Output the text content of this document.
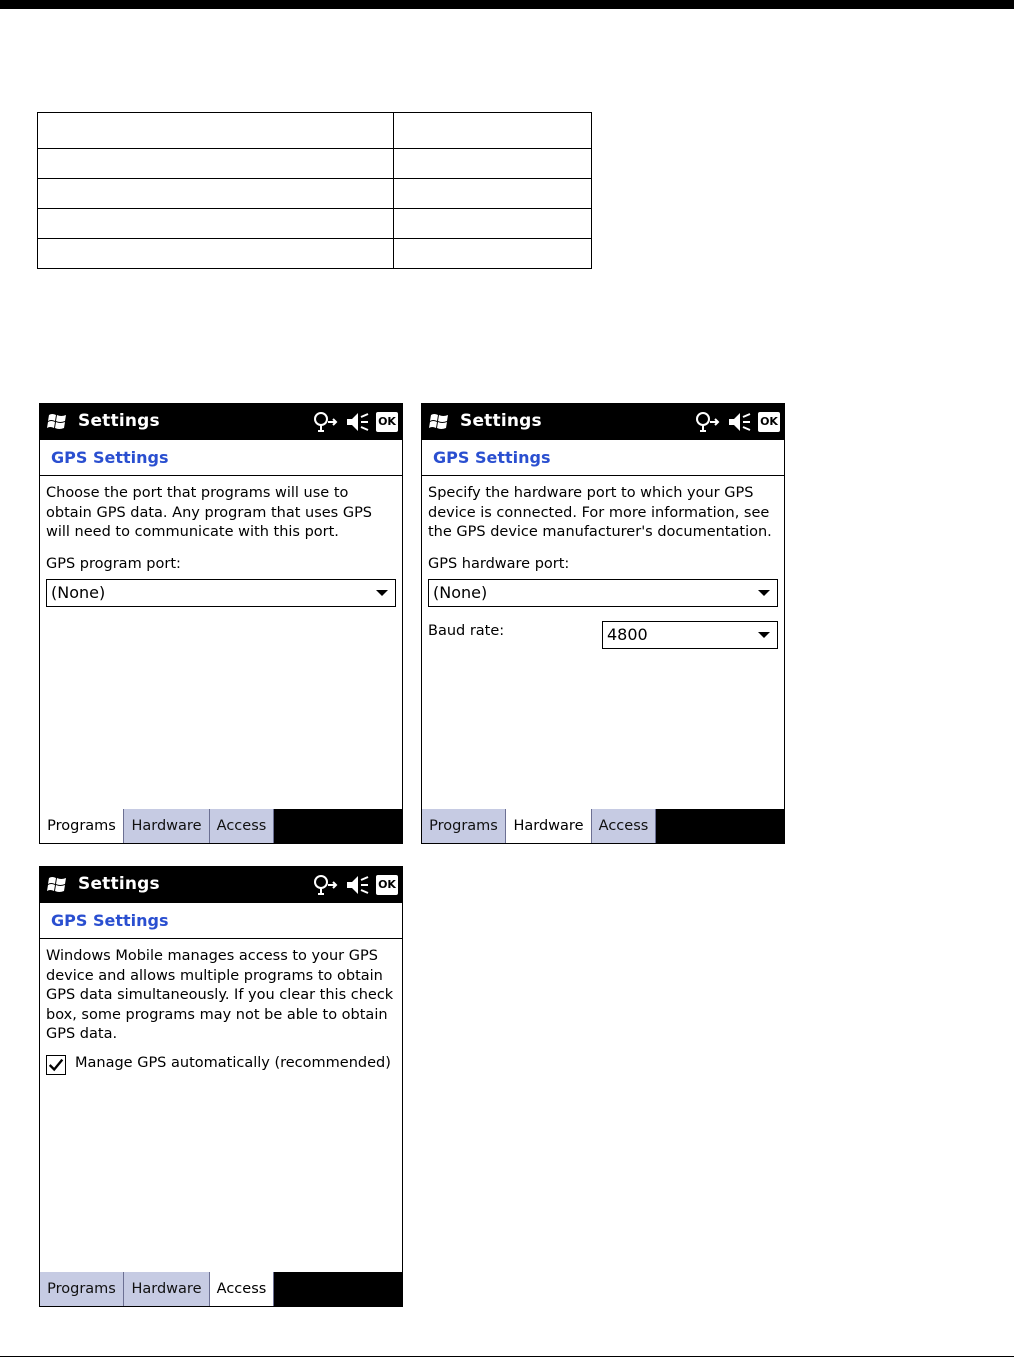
Settings	OK
GPS Settings
Choose the port that programs will use to obtain GPS data. Any program that uses GPS will need to communicate with this port.
GPS program port:
(None)
Programs	Hardware	Access
Settings	OK
GPS Settings
Specify the hardware port to which your GPS device is connected. For more information, see the GPS device manufacturer's documentation.
GPS hardware port:
(None)
Baud rate:	4800
Programs	Hardware	Access
Settings	OK
GPS Settings
Windows Mobile manages access to your GPS device and allows multiple programs to obtain GPS data simultaneously. If you clear this check box, some programs may not be able to obtain GPS data.
Manage GPS automatically (recommended)
Programs	Hardware	Access
